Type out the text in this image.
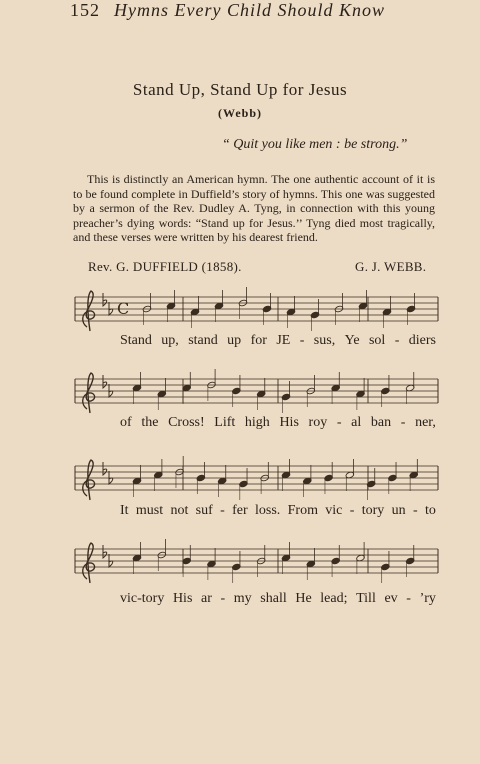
152 Hymns Every Child Should Know
Stand Up, Stand Up for Jesus
(Webb)
“ Quit you like men : be strong.”
This is distinctly an American hymn. The one authentic account of it is to be found complete in Duffield’s story of hymns. This one was suggested by a sermon of the Rev. Dudley A. Tyng, in connection with this young preacher’s dying words: “Stand up for Jesus.’’ Tyng died most tragically, and these verses were written by his dearest friend.
Rev. G. DUFFIELD (1858).	G. J. WEBB.
C
Stand up, stand up for JE - sus, Ye sol - diers
of the Cross! Lift high His roy - al ban - ner,
It must not suf - fer loss. From vic - tory un - to
vic-tory His ar - my shall He lead; Till ev - ’ry
